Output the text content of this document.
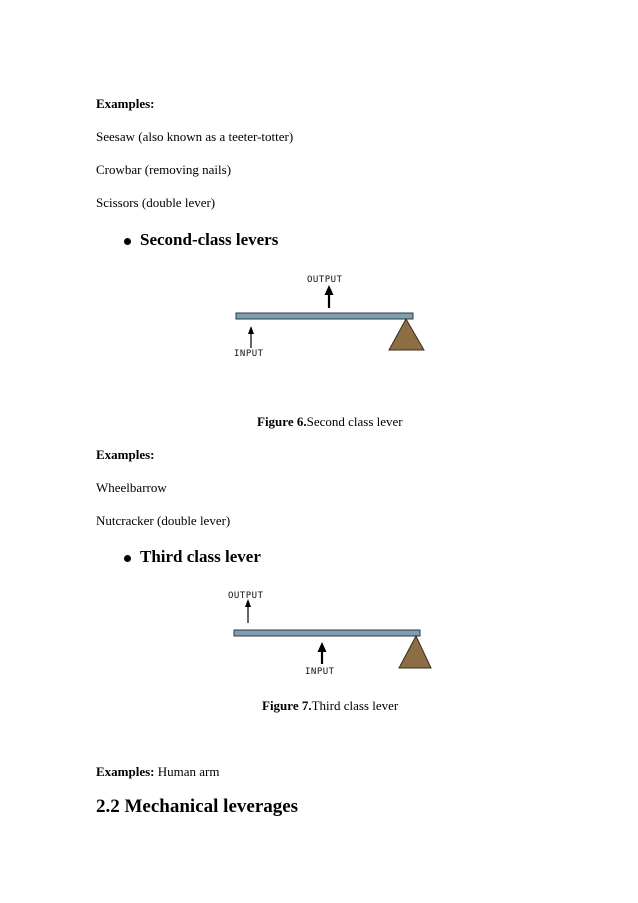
Examples:
Seesaw (also known as a teeter-totter)
Crowbar (removing nails)
Scissors (double lever)
Second-class levers
OUTPUT
INPUT
Figure 6.Second class lever
Examples:
Wheelbarrow
Nutcracker (double lever)
Third class lever
OUTPUT
INPUT
Figure 7.Third class lever
Examples: Human arm
2.2 Mechanical leverages
